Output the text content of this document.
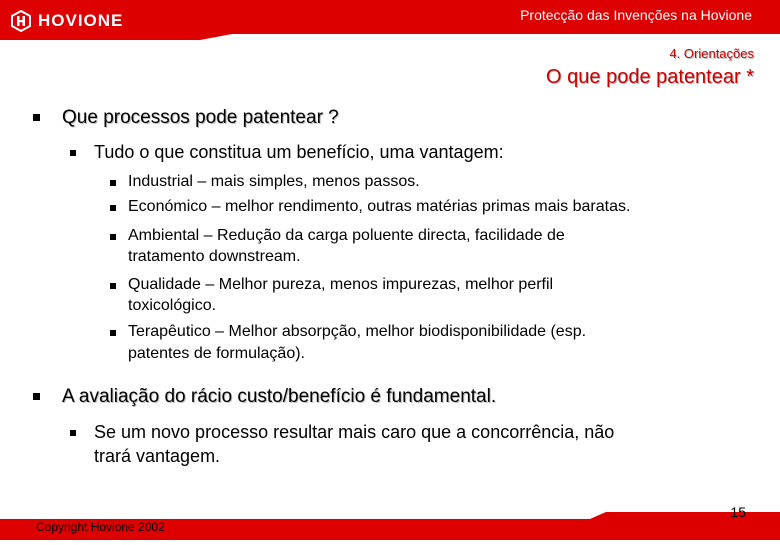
HOVIONE	Protecção das Invenções na Hovione
4. Orientações
O que pode patentear *
Que processos pode patentear ?
Tudo o que constitua um benefício, uma vantagem:
Industrial – mais simples, menos passos.
Económico – melhor rendimento, outras matérias primas mais baratas.
Ambiental – Redução da carga poluente directa, facilidade de
tratamento downstream.
Qualidade – Melhor pureza, menos impurezas, melhor perfil
toxicológico.
Terapêutico – Melhor absorpção, melhor biodisponibilidade (esp.
patentes de formulação).
A avaliação do rácio custo/benefício é fundamental.
Se um novo processo resultar mais caro que a concorrência, não
trará vantagem.
Copyright Hovione 2002
15
